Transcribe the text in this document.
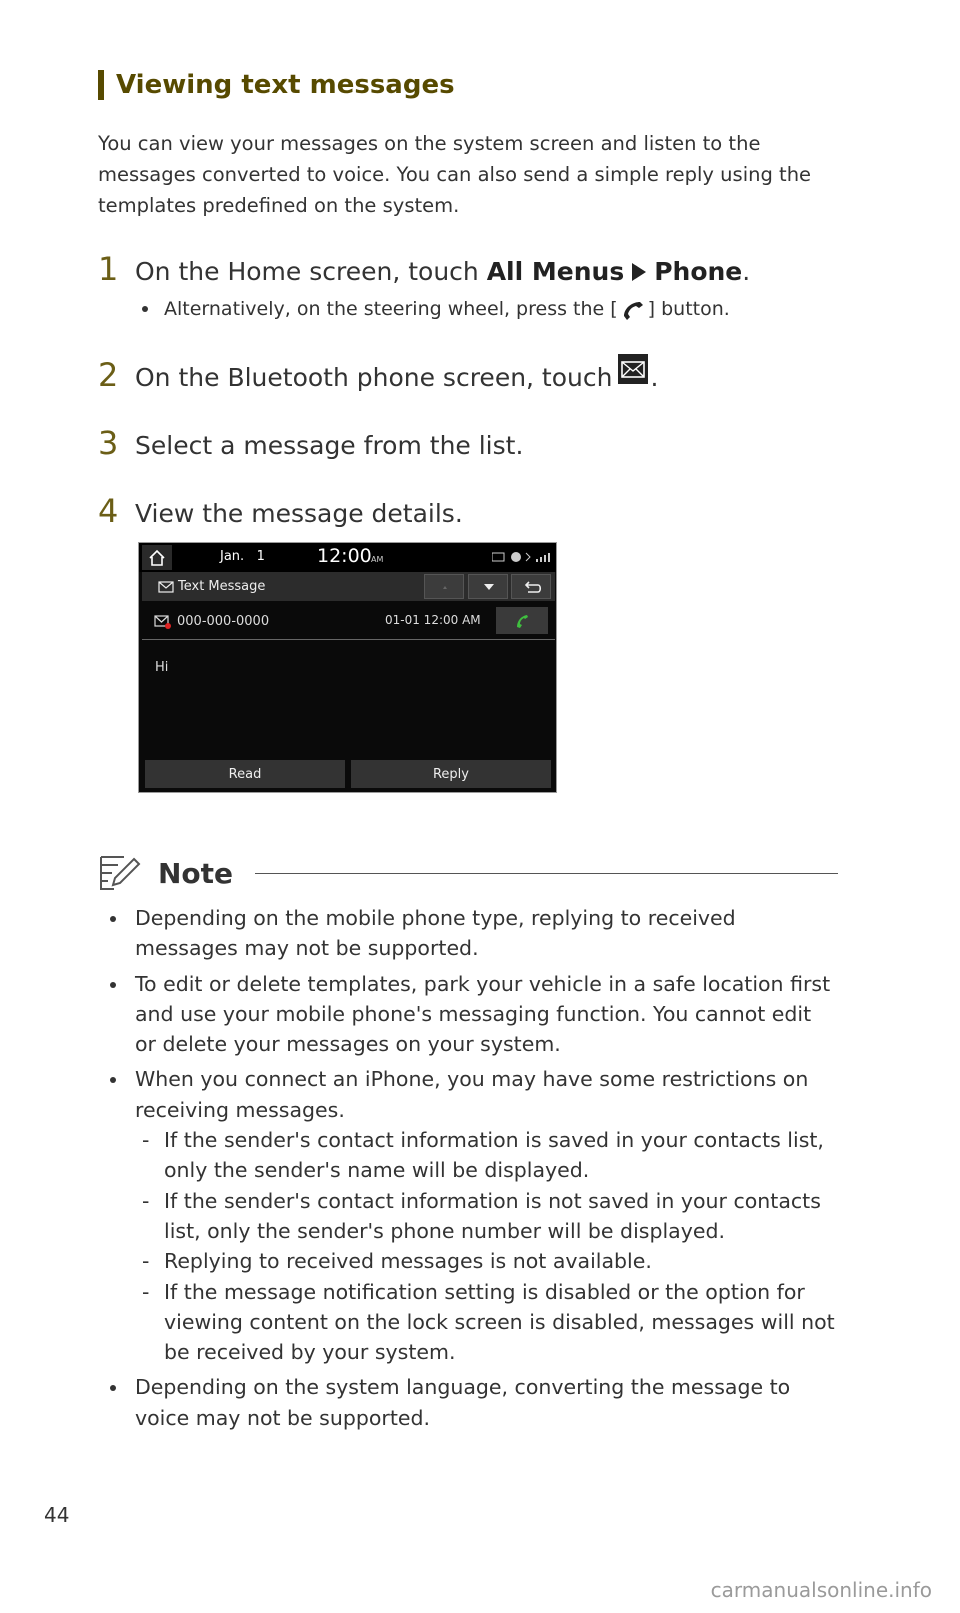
Viewing text messages

You can view your messages on the system screen and listen to the messages converted to voice. You can also send a simple reply using the templates predefined on the system.

1 On the Home screen, touch All Menus Phone .
Alternatively, on the steering wheel, press the [ ] button.
2 On the Bluetooth phone screen, touch .
3 Select a message from the list.
4 View the message details.
Jan.   1	12:00 AM
Text Message
000-000-0000	01-01 12:00 AM
Hi
Read	Reply
Note
Depending on the mobile phone type, replying to received messages may not be supported.
To edit or delete templates, park your vehicle in a safe location first and use your mobile phone's messaging function. You cannot edit or delete your messages on your system.
When you connect an iPhone, you may have some restrictions on receiving messages.
- If the sender's contact information is saved in your contacts list, only the sender's name will be displayed.
- If the sender's contact information is not saved in your contacts list, only the sender's phone number will be displayed.
- Replying to received messages is not available.
- If the message notification setting is disabled or the option for viewing content on the lock screen is disabled, messages will not be received by your system.
Depending on the system language, converting the message to voice may not be supported.
44
carmanualsonline.info
